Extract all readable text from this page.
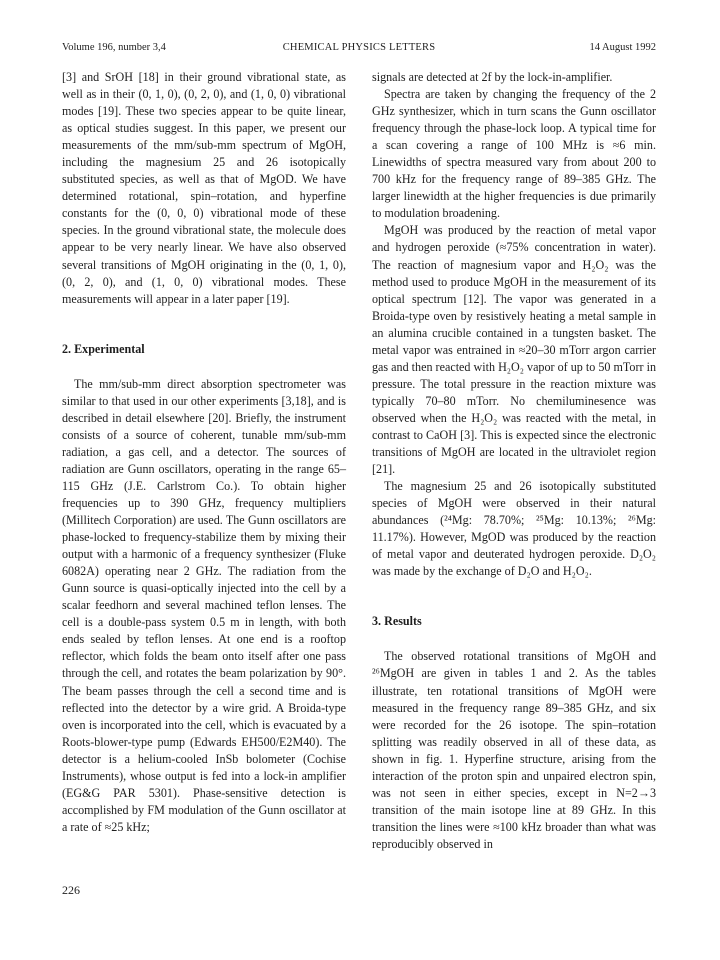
Volume 196, number 3,4	CHEMICAL PHYSICS LETTERS	14 August 1992

[3] and SrOH [18] in their ground vibrational state, as well as in their (0, 1, 0), (0, 2, 0), and (1, 0, 0) vibrational modes [19]. These two species appear to be quite linear, as optical studies suggest. In this paper, we present our measurements of the mm/sub-mm spectrum of MgOH, including the magnesium 25 and 26 isotopically substituted species, as well as that of MgOD. We have determined rotational, spin–rotation, and hyperfine constants for the (0, 0, 0) vibrational mode of these species. In the ground vibrational state, the molecule does appear to be very nearly linear. We have also observed several transitions of MgOH originating in the (0, 1, 0), (0, 2, 0), and (1, 0, 0) vibrational modes. These measurements will appear in a later paper [19].

2. Experimental

The mm/sub-mm direct absorption spectrometer was similar to that used in our other experiments [3,18], and is described in detail elsewhere [20]. Briefly, the instrument consists of a source of coherent, tunable mm/sub-mm radiation, a gas cell, and a detector. The sources of radiation are Gunn oscillators, operating in the range 65–115 GHz (J.E. Carlstrom Co.). To obtain higher frequencies up to 390 GHz, frequency multipliers (Millitech Corporation) are used. The Gunn oscillators are phase-locked to frequency-stabilize them by mixing their output with a harmonic of a frequency synthesizer (Fluke 6082A) operating near 2 GHz. The radiation from the Gunn source is quasi-optically injected into the cell by a scalar feedhorn and several machined teflon lenses. The cell is a double-pass system 0.5 m in length, with both ends sealed by teflon lenses. At one end is a rooftop reflector, which folds the beam onto itself after one pass through the cell, and rotates the beam polarization by 90°. The beam passes through the cell a second time and is reflected into the detector by a wire grid. A Broida-type oven is incorporated into the cell, which is evacuated by a Roots-blower-type pump (Edwards EH500/E2M40). The detector is a helium-cooled InSb bolometer (Cochise Instruments), whose output is fed into a lock-in amplifier (EG&G PAR 5301). Phase-sensitive detection is accomplished by FM modulation of the Gunn oscillator at a rate of ≈25 kHz;

signals are detected at 2f by the lock-in-amplifier.

Spectra are taken by changing the frequency of the 2 GHz synthesizer, which in turn scans the Gunn oscillator frequency through the phase-lock loop. A typical time for a scan covering a range of 100 MHz is ≈6 min. Linewidths of spectra measured vary from about 200 to 700 kHz for the frequency range of 89–385 GHz. The larger linewidth at the higher frequencies is due primarily to modulation broadening.

MgOH was produced by the reaction of metal vapor and hydrogen peroxide (≈75% concentration in water). The reaction of magnesium vapor and H₂O₂ was the method used to produce MgOH in the measurement of its optical spectrum [12]. The vapor was generated in a Broida-type oven by resistively heating a metal sample in an alumina crucible contained in a tungsten basket. The metal vapor was entrained in ≈20–30 mTorr argon carrier gas and then reacted with H₂O₂ vapor of up to 50 mTorr in pressure. The total pressure in the reaction mixture was typically 70–80 mTorr. No chemiluminesence was observed when the H₂O₂ was reacted with the metal, in contrast to CaOH [3]. This is expected since the electronic transitions of MgOH are located in the ultraviolet region [21].

The magnesium 25 and 26 isotopically substituted species of MgOH were observed in their natural abundances (²⁴Mg: 78.70%; ²⁵Mg: 10.13%; ²⁶Mg: 11.17%). However, MgOD was produced by the reaction of metal vapor and deuterated hydrogen peroxide. D₂O₂ was made by the exchange of D₂O and H₂O₂.

3. Results

The observed rotational transitions of MgOH and ²⁶MgOH are given in tables 1 and 2. As the tables illustrate, ten rotational transitions of MgOH were measured in the frequency range 89–385 GHz, and six were recorded for the 26 isotope. The spin–rotation splitting was readily observed in all of these data, as shown in fig. 1. Hyperfine structure, arising from the interaction of the proton spin and unpaired electron spin, was not seen in either species, except in N=2→3 transition of the main isotope line at 89 GHz. In this transition the lines were ≈100 kHz broader than what was reproducibly observed in

226
